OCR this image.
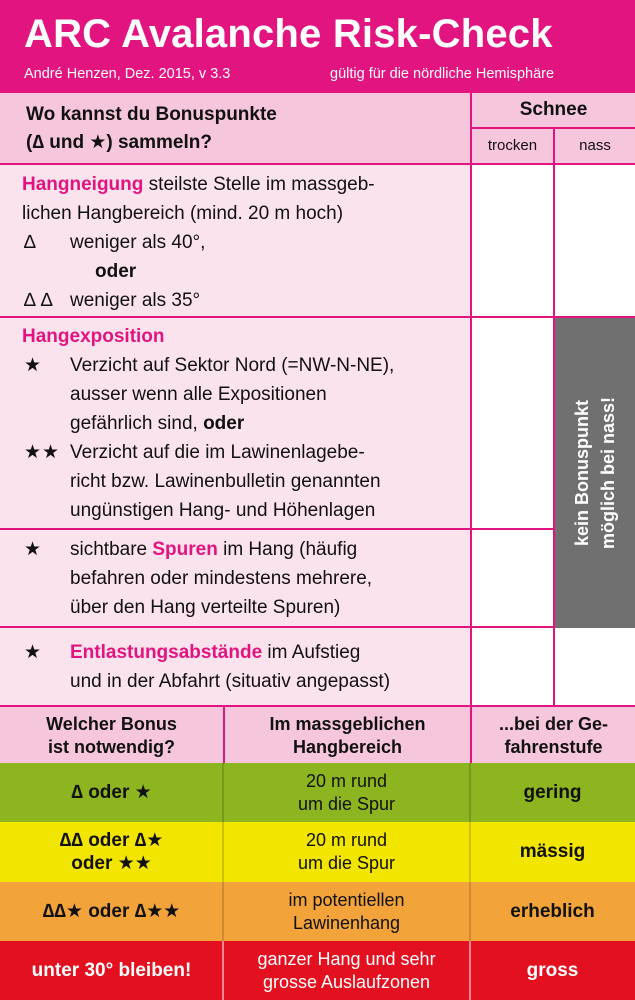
ARC Avalanche Risk-Check
André Henzen, Dez. 2015, v 3.3	gültig für die nördliche Hemisphäre
Wo kannst du Bonuspunkte
(∆ und ★) sammeln?
Schnee
trocken	nass
Hangneigung steilste Stelle im massgeb-
lichen Hangbereich (mind. 20 m hoch)
∆ weniger als 40°,
oder
∆ ∆ weniger als 35°
Hangexposition
★ Verzicht auf Sektor Nord (=NW-N-NE),
ausser wenn alle Expositionen
gefährlich sind, oder
★★ Verzicht auf die im Lawinenlagebe-
richt bzw. Lawinenbulletin genannten
ungünstigen Hang- und Höhenlagen
★ sichtbare Spuren im Hang (häufig
befahren oder mindestens mehrere,
über den Hang verteilte Spuren)
★ Entlastungsabstände im Aufstieg
und in der Abfahrt (situativ angepasst)
kein Bonuspunkt möglich bei nass!
Welcher Bonus
ist notwendig?
Im massgeblichen
Hangbereich
...bei der Ge-
fahrenstufe
∆ oder ★
20 m rund
um die Spur
gering
∆∆ oder ∆★
oder ★★
20 m rund
um die Spur
mässig
∆∆★ oder ∆★★
im potentiellen
Lawinenhang
erheblich
unter 30° bleiben!
ganzer Hang und sehr
grosse Auslaufzonen
gross
